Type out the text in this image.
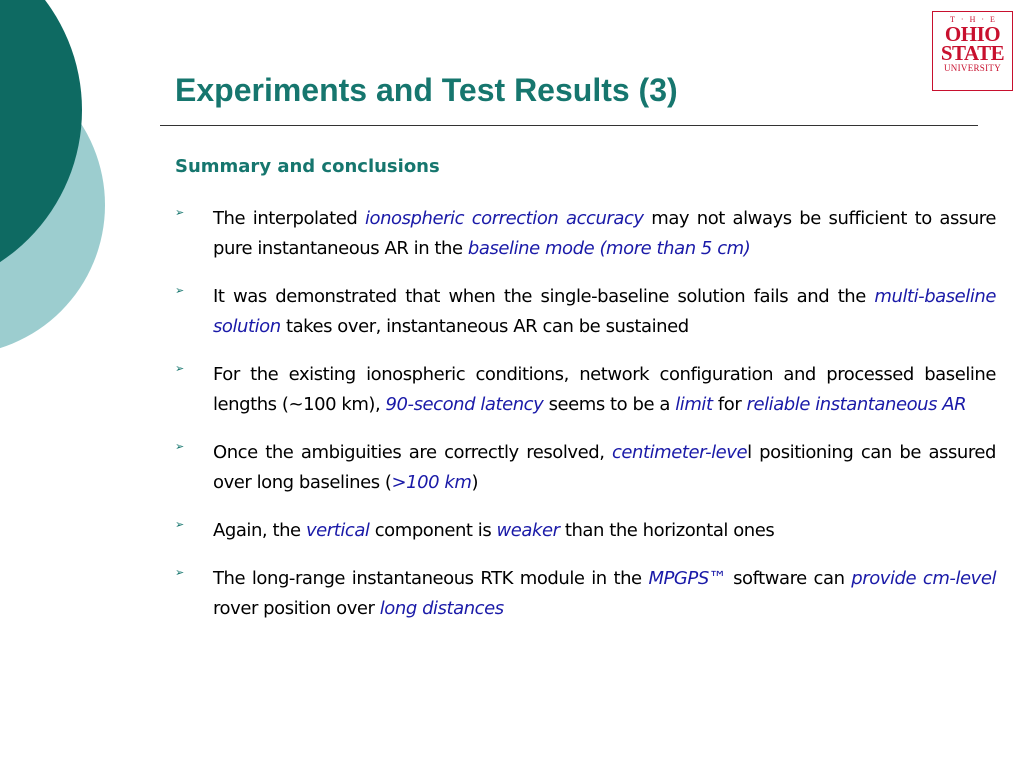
Experiments and Test Results (3)
T·H·E
OHIO
STATE
UNIVERSITY
Summary and conclusions
➢ The interpolated ionospheric correction accuracy may not always be sufficient to assure pure instantaneous AR in the baseline mode (more than 5 cm)
➢ It was demonstrated that when the single-baseline solution fails and the multi-baseline solution takes over, instantaneous AR can be sustained
➢ For the existing ionospheric conditions, network configuration and processed baseline lengths (~100 km), 90-second latency seems to be a limit for reliable instantaneous AR
➢ Once the ambiguities are correctly resolved, centimeter-level positioning can be assured over long baselines (>100 km)
➢ Again, the vertical component is weaker than the horizontal ones
➢ The long-range instantaneous RTK module in the MPGPS™ software can provide cm-level rover position over long distances
